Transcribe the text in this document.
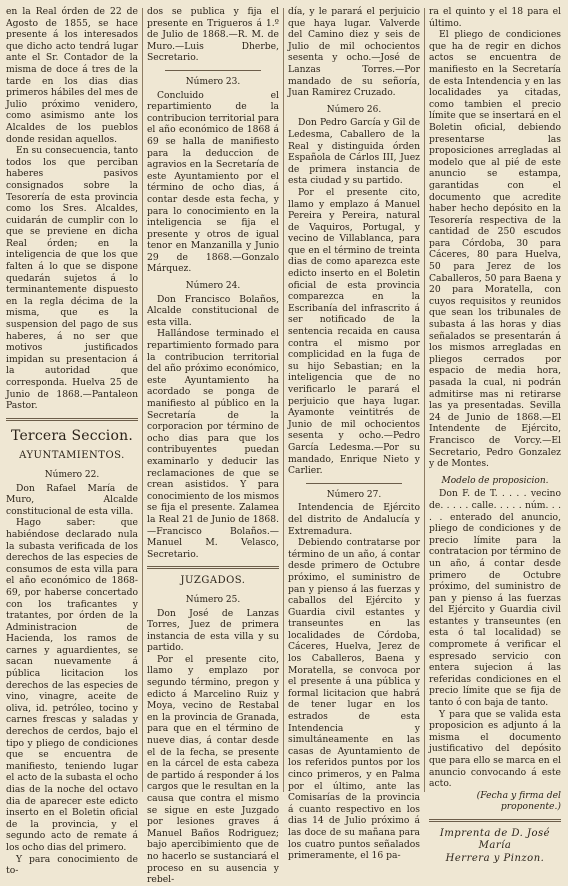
en la Real órden de 22 de Agosto de 1855, se hace presente á los interesados que dicho acto tendrá lugar ante el Sr. Contador de la misma de doce á tres de la tarde en los dias dias primeros hábiles del mes de Julio próximo venidero, como asimismo ante los Alcaldes de los pueblos donde residan aquellos.

En su consecuencia, tanto todos los que perciban haberes pasivos consignados sobre la Tesorería de esta provincia como los Sres. Alcaldes, cuidarán de cumplir con lo que se previene en dicha Real órden; en la inteligencia de que los que falten á lo que se dispone quedarán sujetos á lo terminantemente dispuesto en la regla décima de la misma, que es la suspension del pago de sus haberes, á no ser que motivos justificados impidan su presentacion á la autoridad que corresponda. Huelva 25 de Junio de 1868.—Pantaleon Pastor.

Tercera Seccion.
AYUNTAMIENTOS.
Número 22.

Don Rafael María de Muro, Alcalde constitucional de esta villa.

Hago saber: que habiéndose declarado nula la subasta verificada de los derechos de las especies de consumos de esta villa para el año económico de 1868-69, por haberse concertado con los traficantes y tratantes, por órden de la Administracion de Hacienda, los ramos de carnes y aguardientes, se sacan nuevamente á pública licitacion los derechos de las especies de vino, vinagre, aceite de oliva, id. petróleo, tocino y carnes frescas y saladas y derechos de cerdos, bajo el tipo y pliego de condiciones que se encuentra de manifiesto, teniendo lugar el acto de la subasta el ocho dias de la noche del octavo dia de aparecer este edicto inserto en el Boletin oficial de la provincia, y el segundo acto de remate á los ocho dias del primero.

Y para conocimiento de to-

dos se publica y fija el presente en Trigueros á 1.º de Julio de 1868.—R. M. de Muro.—Luis Dherbe, Secretario.

Número 23.

Concluido el repartimiento de la contribucion territorial para el año económico de 1868 á 69 se halla de manifiesto para la deduccion de agravios en la Secretaría de este Ayuntamiento por el término de ocho dias, á contar desde esta fecha, y para lo conocimiento en la inteligencia se fija el presente y otros de igual tenor en Manzanilla y Junio 29 de 1868.—Gonzalo Márquez.

Número 24.

Don Francisco Bolaños, Alcalde constitucional de esta villa.

Hallándose terminado el repartimiento formado para la contribucion territorial del año próximo económico, este Ayuntamiento ha acordado se ponga de manifiesto al público en la Secretaría de la corporacion por término de ocho dias para que los contribuyentes puedan examinarlo y deducir las reclamaciones de que se crean asistidos. Y para conocimiento de los mismos se fija el presente. Zalamea la Real 21 de Junio de 1868.—Francisco Bolaños.—Manuel M. Velasco, Secretario.

JUZGADOS.
Número 25.

Don José de Lanzas Torres, Juez de primera instancia de esta villa y su partido.

Por el presente cito, llamo y emplazo por segundo término, pregon y edicto á Marcelino Ruiz y Moya, vecino de Restabal en la provincia de Granada, para que en el término de nueve dias, á contar desde el de la fecha, se presente en la cárcel de esta cabeza de partido á responder á los cargos que le resultan en la causa que contra el mismo se sigue en este Juzgado por lesiones graves á Manuel Baños Rodriguez; bajo apercibimiento que de no hacerlo se sustanciará el proceso en su ausencia y rebel-

día, y le parará el perjuicio que haya lugar. Valverde del Camino diez y seis de Julio de mil ochocientos sesenta y ocho.—José de Lanzas Torres.—Por mandado de su señoría, Juan Ramirez Cruzado.

Número 26.

Don Pedro García y Gil de Ledesma, Caballero de la Real y distinguida órden Española de Cárlos III, Juez de primera instancia de esta ciudad y su partido.

Por el presente cito, llamo y emplazo á Manuel Pereira y Pereira, natural de Vaquiros, Portugal, y vecino de Villablanca, para que en el término de treinta dias de como aparezca este edicto inserto en el Boletin oficial de esta provincia comparezca en la Escribanía del infrascrito á ser notificado de la sentencia recaida en causa contra el mismo por complicidad en la fuga de su hijo Sebastian; en la inteligencia que de no verificarlo le parará el perjuicio que haya lugar. Ayamonte veintitrés de Junio de mil ochocientos sesenta y ocho.—Pedro García Ledesma.—Por su mandado, Enrique Nieto y Carlier.

Número 27.

Intendencia de Ejército del distrito de Andalucía y Extremadura.

Debiendo contratarse por término de un año, á contar desde primero de Octubre próximo, el suministro de pan y pienso á las fuerzas y caballos del Ejército y Guardia civil estantes y transeuntes en las localidades de Córdoba, Cáceres, Huelva, Jerez de los Caballeros, Baena y Moratella, se convoca por el presente á una pública y formal licitacion que habrá de tener lugar en los estrados de esta Intendencia y simultáneamente en las casas de Ayuntamiento de los referidos puntos por los cinco primeros, y en Palma por el último, ante las Comisarías de la provincia á cuanto respectivo en los dias 14 de Julio próximo á las doce de su mañana para los cuatro puntos señalados primeramente, el 16 pa-

ra el quinto y el 18 para el último.

El pliego de condiciones que ha de regir en dichos actos se encuentra de manifiesto en la Secretaría de esta Intendencia y en las localidades ya citadas, como tambien el precio límite que se insertará en el Boletin oficial, debiendo presentarse las proposiciones arregladas al modelo que al pié de este anuncio se estampa, garantidas con el documento que acredite haber hecho depósito en la Tesorería respectiva de la cantidad de 250 escudos para Córdoba, 30 para Cáceres, 80 para Huelva, 50 para Jerez de los Caballeros, 50 para Baena y 20 para Moratella, con cuyos requisitos y reunidos que sean los tribunales de subasta á las horas y dias señalados se presentarán á los mismos arregladas en pliegos cerrados por espacio de media hora, pasada la cual, ni podrán admitirse mas ni retirarse las ya presentadas. Sevilla 24 de Junio de 1868.—El Intendente de Ejército, Francisco de Vorcy.—El Secretario, Pedro Gonzalez y de Montes.

Modelo de proposicion.

Don F. de T. . . . . vecino de. . . . . calle. . . . . núm. . . . . enterado del anuncio, pliego de condiciones y de precio límite para la contratacion por término de un año, á contar desde primero de Octubre próximo, del suministro de pan y pienso á las fuerzas del Ejército y Guardia civil estantes y transeuntes (en esta ó tal localidad) se compromete á verificar el espresado servicio con entera sujecion á las referidas condiciones en el precio límite que se fija de tanto ó con baja de tanto.

Y para que se valida esta proposicion es adjunto á la misma el documento justificativo del depósito que para ello se marca en el anuncio convocando á este acto.

(Fecha y firma del proponente.)
Imprenta de D. José María
Herrera y Pinzon.
